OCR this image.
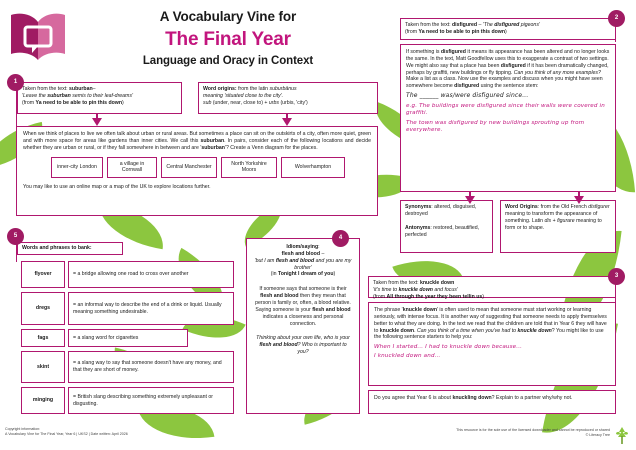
A Vocabulary Vine for
The Final Year
Language and Oracy in Context
1

Taken from the text: suburban–

'Leave the suburban semis to their leaf-dreams'

(from Ya need to be able to pin this down)

Word origins: from the latin suburbānus

meaning 'situated close to the city'.

sub (under, near, close to) + urbs (urbis, 'city')

When we think of places to live we often talk about urban or rural areas. But sometimes a place can sit on the outskirts of a city, often more quiet, green and with more space for areas like gardens than inner cities. We call this suburban. In pairs, consider each of the following locations and decide whether they are urban or rural, or if they fall somewhere in between and are 'suburban'? Create a Venn diagram for the places.

inner-city London
a village in Cornwall
Central Manchester
North Yorkshire Moors
Wolverhampton

You may like to use an online map or a map of the UK to explore locations further.

2

Taken from the text: disfigured – 'The disfigured pigeons'

(from Ya need to be able to pin this down)

If something is disfigured it means its appearance has been altered and no longer looks the same. In the text, Matt Goodfellow uses this to exaggerate a contrast of two settings. We might also say that a place has been disfigured if it has been dramatically changed, perhaps by graffiti, new buildings or fly tipping. Can you think of any more examples? Make a list as a class. Now use the examples and discuss when you might have seen somewhere become disfigured using the sentence stem:

The ______ was/were disfigured since...

e.g. The buildings were disfigured since their walls were covered in graffiti.

The town was disfigured by new buildings sprouting up from everywhere.

Synonyms: altered, disguised, destroyed

Antonyms: restored, beautified, perfected

Word Origins: from the Old French disfigurer meaning to transform the appearance of something. Latin dis + figurare meaning to form or to shape.

3

Taken from the text: knuckle down

'it's time to knuckle down and focus'

(from All through the year they been tellin us)

The phrase 'knuckle down' is often used to mean that someone must start working or learning seriously, with intense focus. It is another way of suggesting that someone needs to apply themselves better to what they are doing. In the text we read that the children are told that in Year 6 they will have to knuckle down. Can you think of a time when you've had to knuckle down? You might like to use the following sentence starters to help you:

When I started... I had to knuckle down because...

I knuckled down and...

Do you agree that Year 6 is about knuckling down? Explain to a partner why/why not.

4

Idiom/saying:

flesh and blood –

'but I am flesh and blood and you are my brother'

(in Tonight I dream of you)

If someone says that someone is their flesh and blood then they mean that person is family or, often, a blood relative. Saying someone is your flesh and blood indicates a closeness and personal connection.

Thinking about your own life, who is your flesh and blood? Who is important to you?

5
Words and phrases to bank:
flyover	= a bridge allowing one road to cross over another
dregs
= an informal way to describe the end of a drink or liquid. Usually meaning something undesirable.
fags	= a slang word for cigarettes
skint
= a slang way to say that someone doesn't have any money, and that they are short of money.
minging
= British slang describing something extremely unpleasant or disgusting.
Copyright information:
A Vocabulary Vine for The Final Year, Year 6 | UKS2 | Date written: April 2026
This resource is for the sole use of the licensed downloader and cannot be reproduced or shared
© Literacy Tree
